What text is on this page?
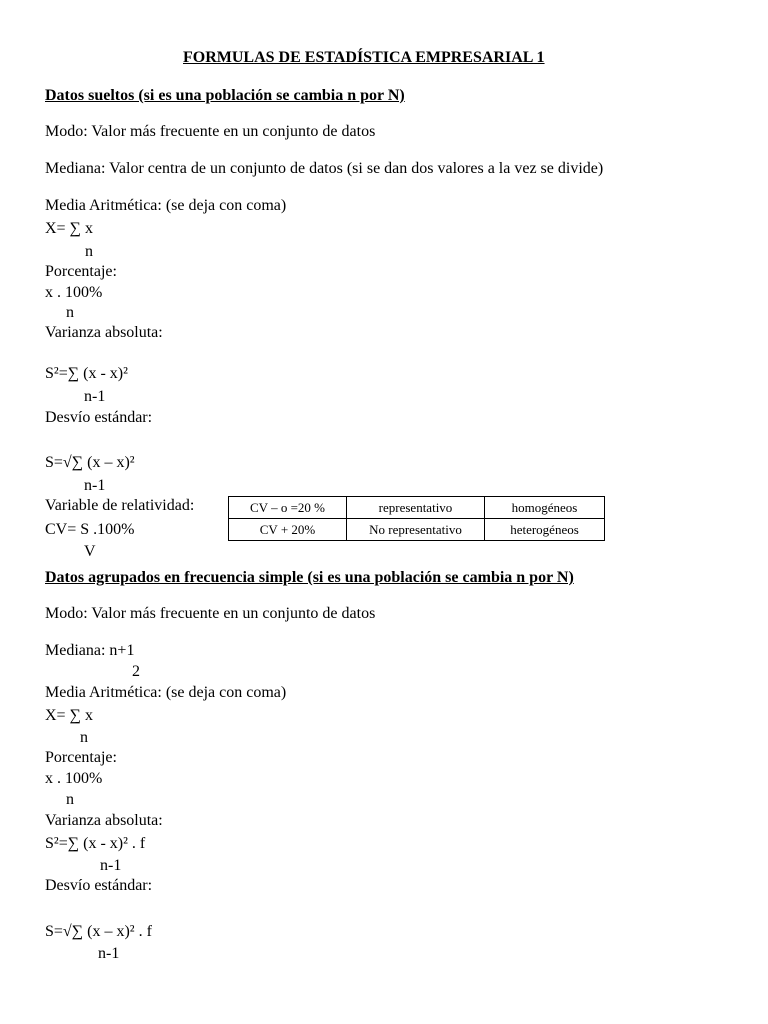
FORMULAS DE ESTADÍSTICA EMPRESARIAL 1
Datos sueltos (si es una población se cambia n por N)
Modo: Valor más frecuente en un conjunto de datos
Mediana: Valor centra de un conjunto de datos (si se dan dos valores a la vez se divide)
Media Aritmética: (se deja con coma)
X= ∑ x
n
Porcentaje:
x . 100%
n
Varianza absoluta:
S²=∑ (x - x)²
n-1
Desvío estándar:
S=√∑ (x – x)²
n-1
Variable de relatividad:
CV= S .100%
V
CV – o =20 %	representativo	homogéneos
CV + 20%	No representativo	heterogéneos
Datos agrupados en frecuencia simple (si es una población se cambia n por N)
Modo: Valor más frecuente en un conjunto de datos
Mediana: n+1
2
Media Aritmética: (se deja con coma)
X= ∑ x
n
Porcentaje:
x . 100%
n
Varianza absoluta:
S²=∑ (x - x)² . f
n-1
Desvío estándar:
S=√∑ (x – x)² . f
n-1
